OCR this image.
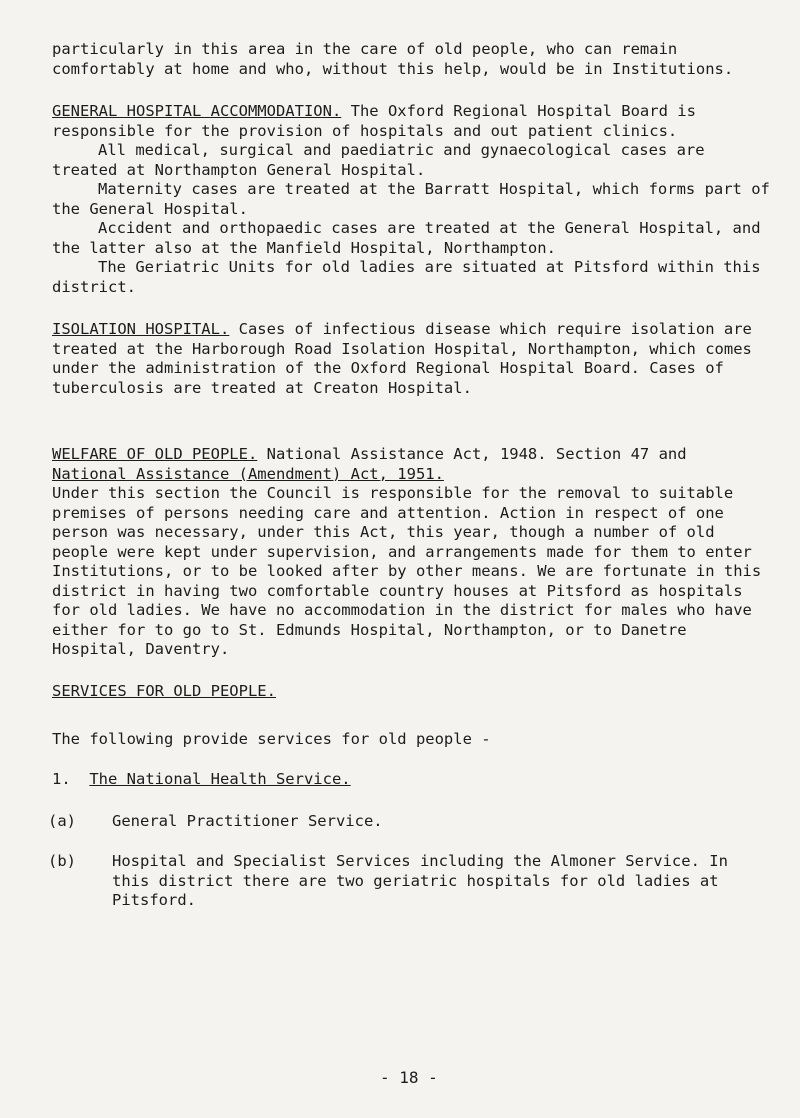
particularly in this area in the care of old people, who can remain comfortably at home and who, without this help, would be in Institutions.

GENERAL HOSPITAL ACCOMMODATION. The Oxford Regional Hospital Board is responsible for the provision of hospitals and out patient clinics.

All medical, surgical and paediatric and gynaecological cases are treated at Northampton General Hospital.

Maternity cases are treated at the Barratt Hospital, which forms part of the General Hospital.

Accident and orthopaedic cases are treated at the General Hospital, and the latter also at the Manfield Hospital, Northampton.

The Geriatric Units for old ladies are situated at Pitsford within this district.

ISOLATION HOSPITAL. Cases of infectious disease which require isolation are treated at the Harborough Road Isolation Hospital, Northampton, which comes under the administration of the Oxford Regional Hospital Board. Cases of tuberculosis are treated at Creaton Hospital.

WELFARE OF OLD PEOPLE. National Assistance Act, 1948. Section 47 and

National Assistance (Amendment) Act, 1951.

Under this section the Council is responsible for the removal to suitable premises of persons needing care and attention. Action in respect of one person was necessary, under this Act, this year, though a number of old people were kept under supervision, and arrangements made for them to enter Institutions, or to be looked after by other means. We are fortunate in this district in having two comfortable country houses at Pitsford as hospitals for old ladies. We have no accommodation in the district for males who have either for to go to St. Edmunds Hospital, Northampton, or to Danetre Hospital, Daventry.

SERVICES FOR OLD PEOPLE.

The following provide services for old people -

1. The National Health Service.

(a) General Practitioner Service.

(b) Hospital and Specialist Services including the Almoner Service. In this district there are two geriatric hospitals for old ladies at Pitsford.

- 18 -
